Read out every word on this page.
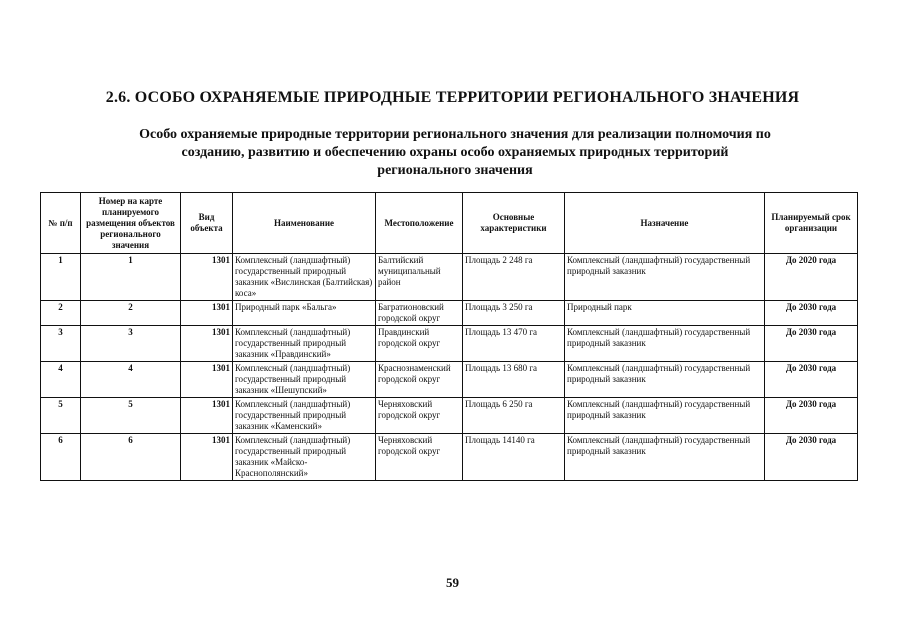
2.6. ОСОБО ОХРАНЯЕМЫЕ ПРИРОДНЫЕ ТЕРРИТОРИИ РЕГИОНАЛЬНОГО ЗНАЧЕНИЯ
Особо охраняемые природные территории регионального значения для реализации полномочия по
созданию, развитию и обеспечению охраны особо охраняемых природных территорий
регионального значения
№ п/п	Номер на карте планируемого размещения объектов регионального значения	Вид объекта	Наименование	Местоположение	Основные характеристики	Назначение	Планируемый срок организации
1	1	1301	Комплексный (ландшафтный) государственный природный заказник «Вислинская (Балтийская) коса»	Балтийский муниципальный район	Площадь 2 248 га	Комплексный (ландшафтный) государственный природный заказник	До 2020 года
2	2	1301	Природный парк «Бальга»	Багратионовский городской округ	Площадь 3 250 га	Природный парк	До 2030 года
3	3	1301	Комплексный (ландшафтный) государственный природный заказник «Правдинский»	Правдинский городской округ	Площадь 13 470 га	Комплексный (ландшафтный) государственный природный заказник	До 2030 года
4	4	1301	Комплексный (ландшафтный) государственный природный заказник «Шешупский»	Краснознаменский городской округ	Площадь 13 680 га	Комплексный (ландшафтный) государственный природный заказник	До 2030 года
5	5	1301	Комплексный (ландшафтный) государственный природный заказник «Каменский»	Черняховский городской округ	Площадь 6 250 га	Комплексный (ландшафтный) государственный природный заказник	До 2030 года
6	6	1301	Комплексный (ландшафтный) государственный природный заказник «Майско-Краснополянский»	Черняховский городской округ	Площадь 14140 га	Комплексный (ландшафтный) государственный природный заказник	До 2030 года
59
